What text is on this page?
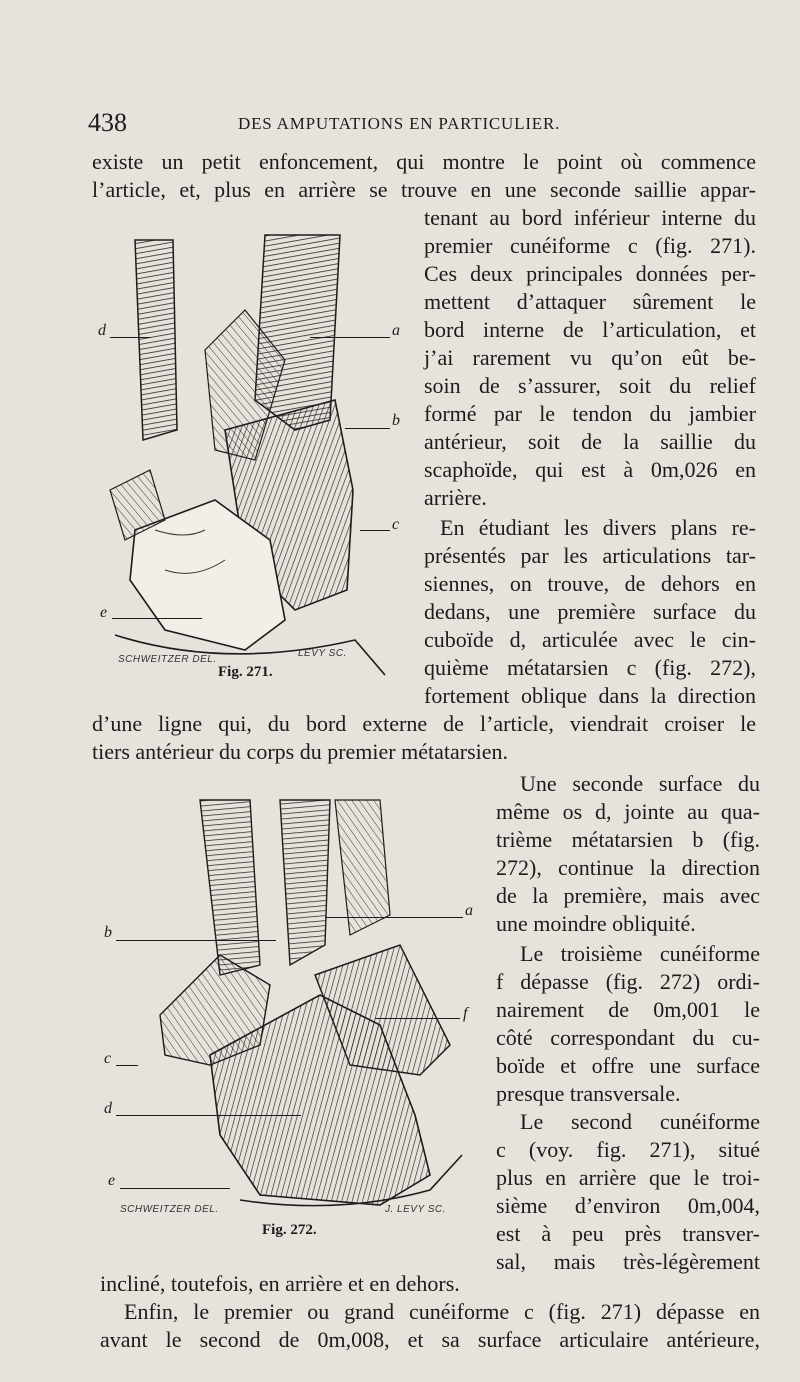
438	DES AMPUTATIONS EN PARTICULIER.
d	a
b
c
e
SCHWEITZER DEL.
LEVY SC.
Fig. 271.
a
b
f
c
d
e
SCHWEITZER DEL.	J. LEVY SC.
Fig. 272.
existe un petit enfoncement, qui montre le point où commence
l’article, et, plus en arrière se trouve en une seconde saillie appar-
tenant au bord inférieur interne du
premier cunéiforme c (fig. 271).
Ces deux principales données per-
mettent d’attaquer sûrement le
bord interne de l’articulation, et
j’ai rarement vu qu’on eût be-
soin de s’assurer, soit du relief
formé par le tendon du jambier
antérieur, soit de la saillie du
scaphoïde, qui est à 0m,026 en
arrière.
En étudiant les divers plans re-
présentés par les articulations tar-
siennes, on trouve, de dehors en
dedans, une première surface du
cuboïde d, articulée avec le cin-
quième métatarsien c (fig. 272),
fortement oblique dans la direction
d’une ligne qui, du bord externe de l’article, viendrait croiser le
tiers antérieur du corps du premier métatarsien.
Une seconde surface du
même os d, jointe au qua-
trième métatarsien b (fig.
272), continue la direction
de la première, mais avec
une moindre obliquité.
Le troisième cunéiforme
f dépasse (fig. 272) ordi-
nairement de 0m,001 le
côté correspondant du cu-
boïde et offre une surface
presque transversale.
Le second cunéiforme
c (voy. fig. 271), situé
plus en arrière que le troi-
sième d’environ 0m,004,
est à peu près transver-
sal, mais très-légèrement
incliné, toutefois, en arrière et en dehors.
Enfin, le premier ou grand cunéiforme c (fig. 271) dépasse en
avant le second de 0m,008, et sa surface articulaire antérieure,
